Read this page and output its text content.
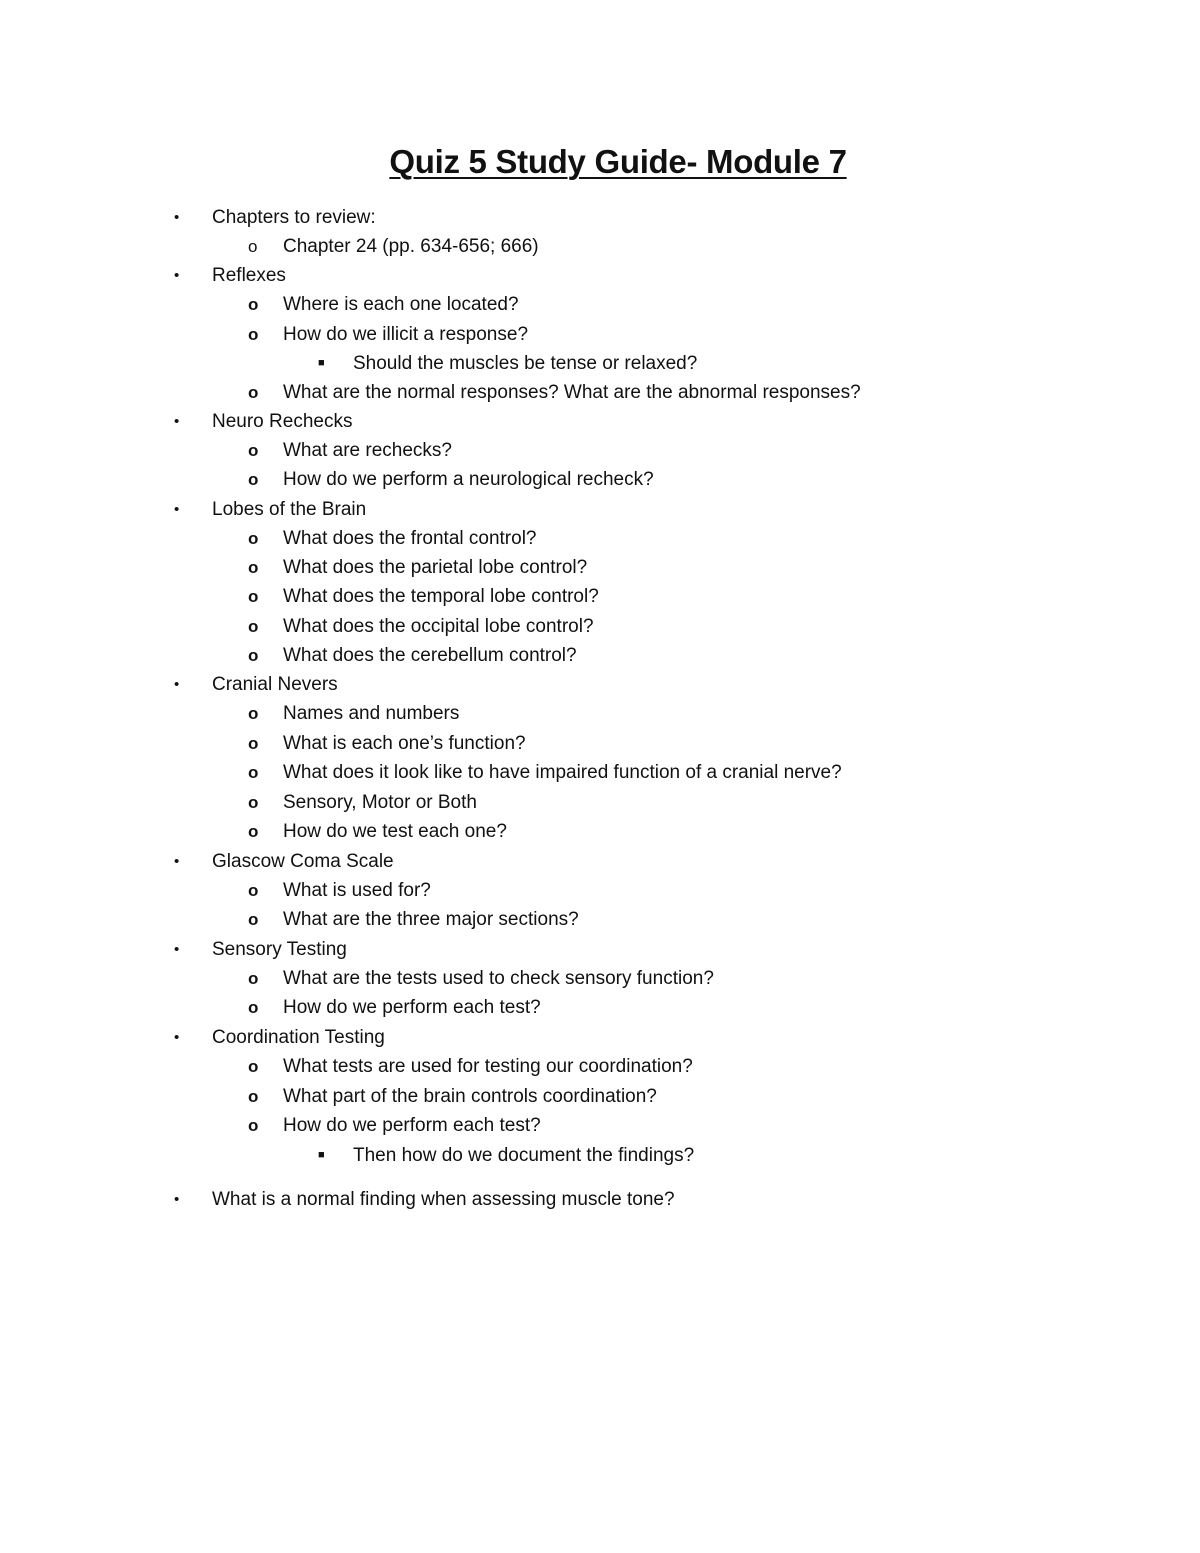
Quiz 5 Study Guide- Module 7
• Chapters to review:
o Chapter 24 (pp. 634-656; 666)
• Reflexes
o Where is each one located?
o How do we illicit a response?
■ Should the muscles be tense or relaxed?
o What are the normal responses? What are the abnormal responses?
• Neuro Rechecks
o What are rechecks?
o How do we perform a neurological recheck?
• Lobes of the Brain
o What does the frontal control?
o What does the parietal lobe control?
o What does the temporal lobe control?
o What does the occipital lobe control?
o What does the cerebellum control?
• Cranial Nevers
o Names and numbers
o What is each one’s function?
o What does it look like to have impaired function of a cranial nerve?
o Sensory, Motor or Both
o How do we test each one?
• Glascow Coma Scale
o What is used for?
o What are the three major sections?
• Sensory Testing
o What are the tests used to check sensory function?
o How do we perform each test?
• Coordination Testing
o What tests are used for testing our coordination?
o What part of the brain controls coordination?
o How do we perform each test?
■ Then how do we document the findings?
• What is a normal finding when assessing muscle tone?
